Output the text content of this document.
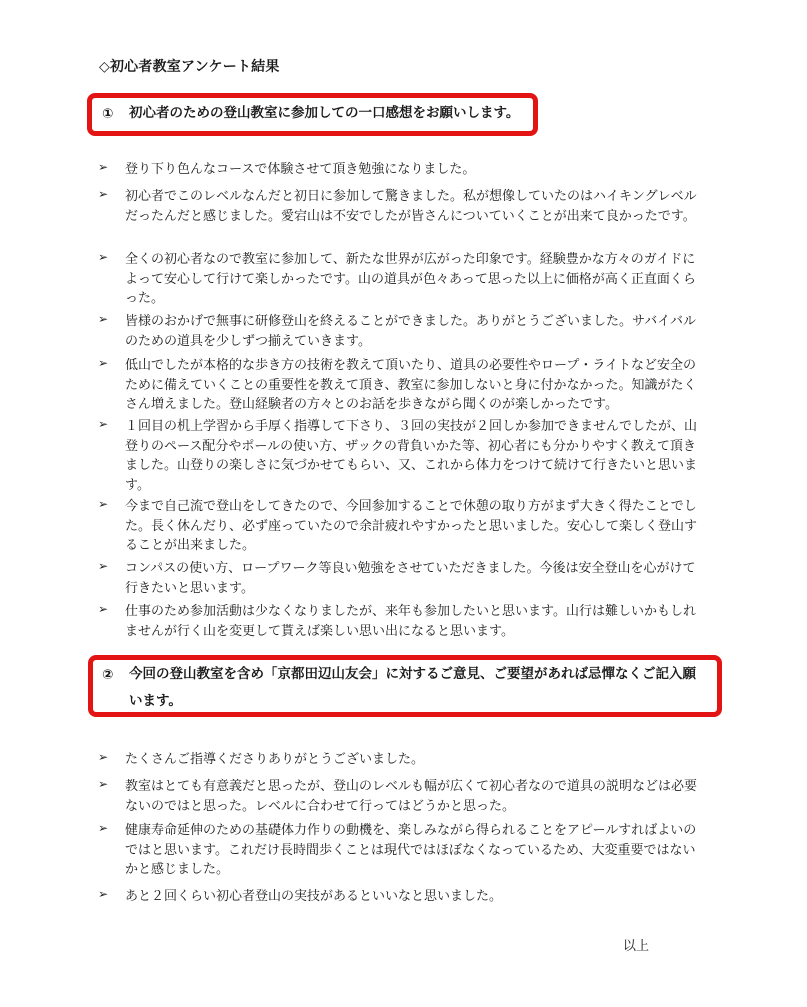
◇初心者教室アンケート結果
① 初心者のための登山教室に参加しての一口感想をお願いします。
➢ 登り下り色んなコースで体験させて頂き勉強になりました。
➢ 初心者でこのレベルなんだと初日に参加して驚きました。私が想像していたのはハイキングレベルだったんだと感じました。愛宕山は不安でしたが皆さんについていくことが出来て良かったです。
➢ 全くの初心者なので教室に参加して、新たな世界が広がった印象です。経験豊かな方々のガイドによって安心して行けて楽しかったです。山の道具が色々あって思った以上に価格が高く正直面くらった。
➢ 皆様のおかげで無事に研修登山を終えることができました。ありがとうございました。サバイバルのための道具を少しずつ揃えていきます。
➢ 低山でしたが本格的な歩き方の技術を教えて頂いたり、道具の必要性やロープ・ライトなど安全のために備えていくことの重要性を教えて頂き、教室に参加しないと身に付かなかった。知識がたくさん増えました。登山経験者の方々とのお話を歩きながら聞くのが楽しかったです。
➢ １回目の机上学習から手厚く指導して下さり、３回の実技が２回しか参加できませんでしたが、山登りのペース配分やポールの使い方、ザックの背負いかた等、初心者にも分かりやすく教えて頂きました。山登りの楽しさに気づかせてもらい、又、これから体力をつけて続けて行きたいと思います。
➢ 今まで自己流で登山をしてきたので、今回参加することで休憩の取り方がまず大きく得たことでした。長く休んだり、必ず座っていたので余計疲れやすかったと思いました。安心して楽しく登山することが出来ました。
➢ コンパスの使い方、ロープワーク等良い勉強をさせていただきました。今後は安全登山を心がけて行きたいと思います。
➢ 仕事のため参加活動は少なくなりましたが、来年も参加したいと思います。山行は難しいかもしれませんが行く山を変更して貰えば楽しい思い出になると思います。
② 今回の登山教室を含め「京都田辺山友会」に対するご意見、ご要望があれば忌憚なくご記入願います。
➢ たくさんご指導くださりありがとうございました。
➢ 教室はとても有意義だと思ったが、登山のレベルも幅が広くて初心者なので道具の説明などは必要ないのではと思った。レベルに合わせて行ってはどうかと思った。
➢ 健康寿命延伸のための基礎体力作りの動機を、楽しみながら得られることをアピールすればよいのではと思います。これだけ長時間歩くことは現代ではほぼなくなっているため、大変重要ではないかと感じました。
➢ あと２回くらい初心者登山の実技があるといいなと思いました。
以上
